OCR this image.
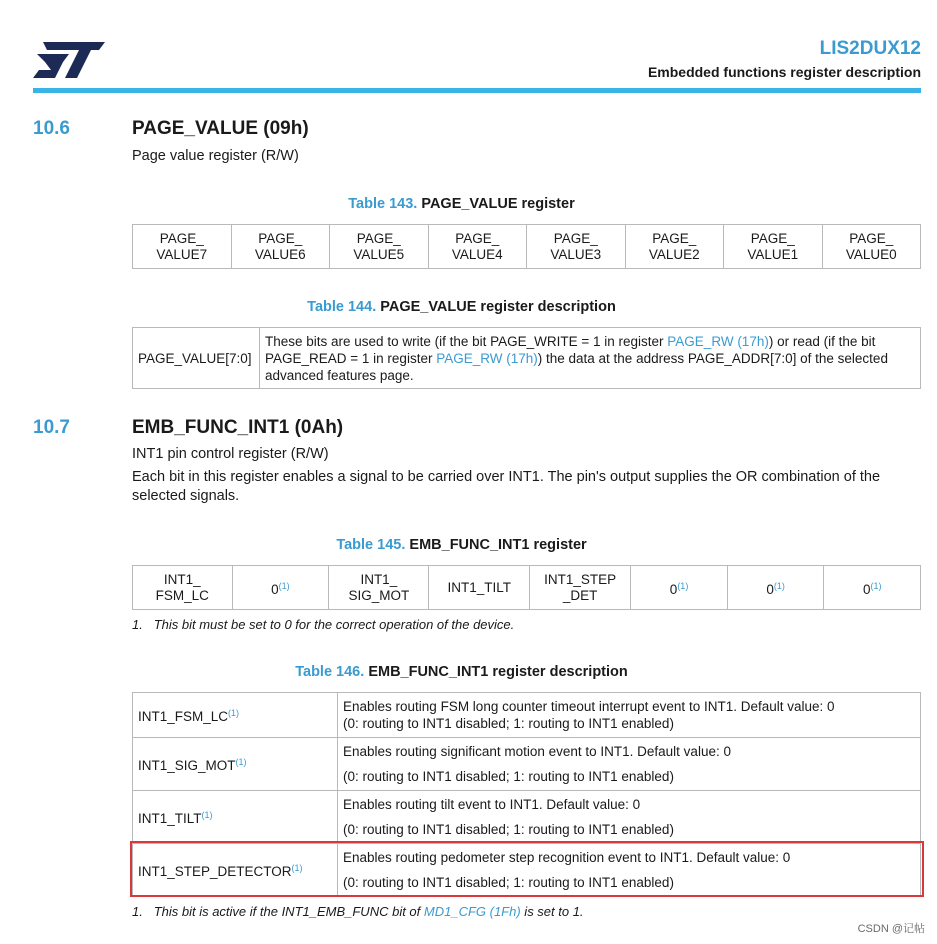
LIS2DUX12
Embedded functions register description
10.6	PAGE_VALUE (09h)
Page value register (R/W)
Table 143. PAGE_VALUE register
PAGE_
VALUE7	PAGE_
VALUE6	PAGE_
VALUE5	PAGE_
VALUE4	PAGE_
VALUE3	PAGE_
VALUE2	PAGE_
VALUE1	PAGE_
VALUE0
Table 144. PAGE_VALUE register description
PAGE_VALUE[7:0]	These bits are used to write (if the bit PAGE_WRITE = 1 in register PAGE_RW (17h)) or read (if the bit PAGE_READ = 1 in register PAGE_RW (17h)) the data at the address PAGE_ADDR[7:0] of the selected advanced features page.
10.7	EMB_FUNC_INT1 (0Ah)
INT1 pin control register (R/W)
Each bit in this register enables a signal to be carried over INT1. The pin's output supplies the OR combination of the selected signals.
Table 145. EMB_FUNC_INT1 register
INT1_
FSM_LC	0$^{(1)}$	INT1_
SIG_MOT	INT1_TILT	INT1_STEP
_DET	0$^{(1)}$	0$^{(1)}$	0$^{(1)}$
1. This bit must be set to 0 for the correct operation of the device.
Table 146. EMB_FUNC_INT1 register description
INT1_FSM_LC$^{(1)}$	Enables routing FSM long counter timeout interrupt event to INT1. Default value: 0
(0: routing to INT1 disabled; 1: routing to INT1 enabled)

INT1_SIG_MOT$^{(1)}$	Enables routing significant motion event to INT1. Default value: 0
(0: routing to INT1 disabled; 1: routing to INT1 enabled)

INT1_TILT$^{(1)}$	Enables routing tilt event to INT1. Default value: 0
(0: routing to INT1 disabled; 1: routing to INT1 enabled)

INT1_STEP_DETECTOR$^{(1)}$	Enables routing pedometer step recognition event to INT1. Default value: 0
(0: routing to INT1 disabled; 1: routing to INT1 enabled)
1. This bit is active if the INT1_EMB_FUNC bit of MD1_CFG (1Fh) is set to 1.
CSDN @记帖
